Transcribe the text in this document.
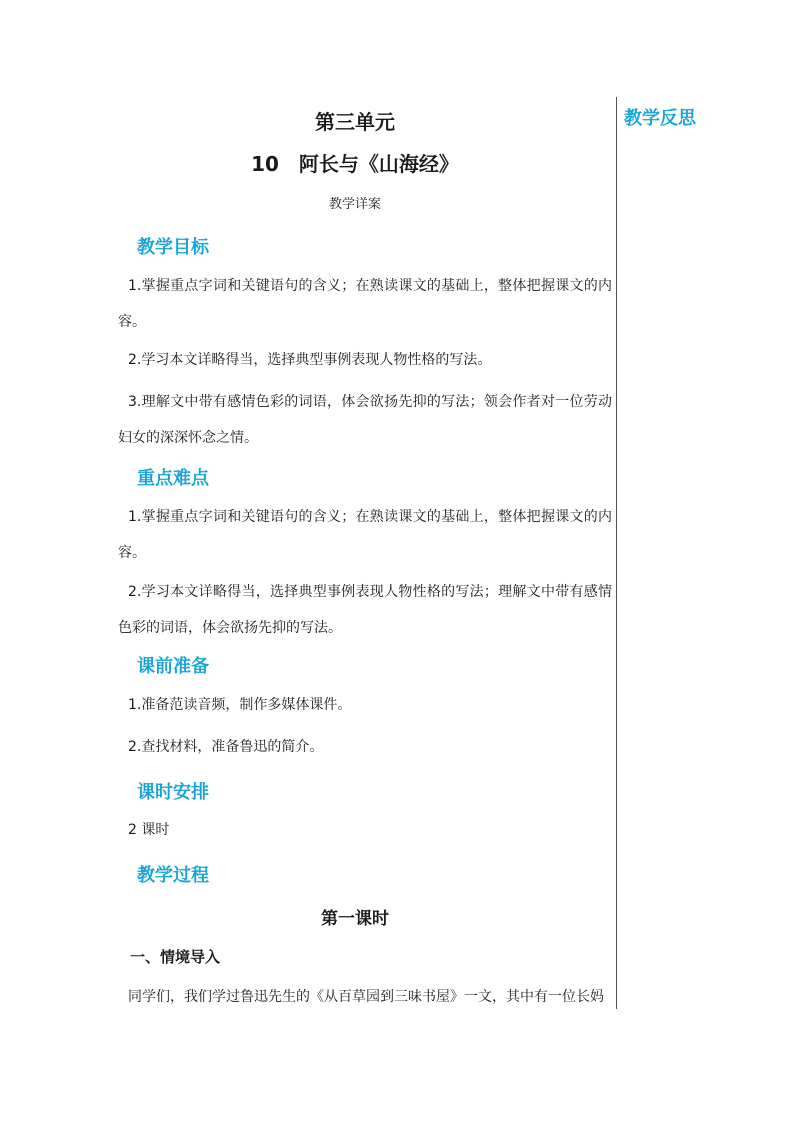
教学反思
第三单元
10　阿长与《山海经》
教学详案
教学目标
1.掌握重点字词和关键语句的含义；在熟读课文的基础上，整体把握课文的内容。
2.学习本文详略得当，选择典型事例表现人物性格的写法。
3.理解文中带有感情色彩的词语，体会欲扬先抑的写法；领会作者对一位劳动妇女的深深怀念之情。
重点难点
1.掌握重点字词和关键语句的含义；在熟读课文的基础上，整体把握课文的内容。
2.学习本文详略得当，选择典型事例表现人物性格的写法；理解文中带有感情色彩的词语，体会欲扬先抑的写法。
课前准备
1.准备范读音频，制作多媒体课件。
2.查找材料，准备鲁迅的简介。
课时安排
2 课时
教学过程
第一课时
一、情境导入
同学们，我们学过鲁迅先生的《从百草园到三味书屋》一文，其中有一位长妈
